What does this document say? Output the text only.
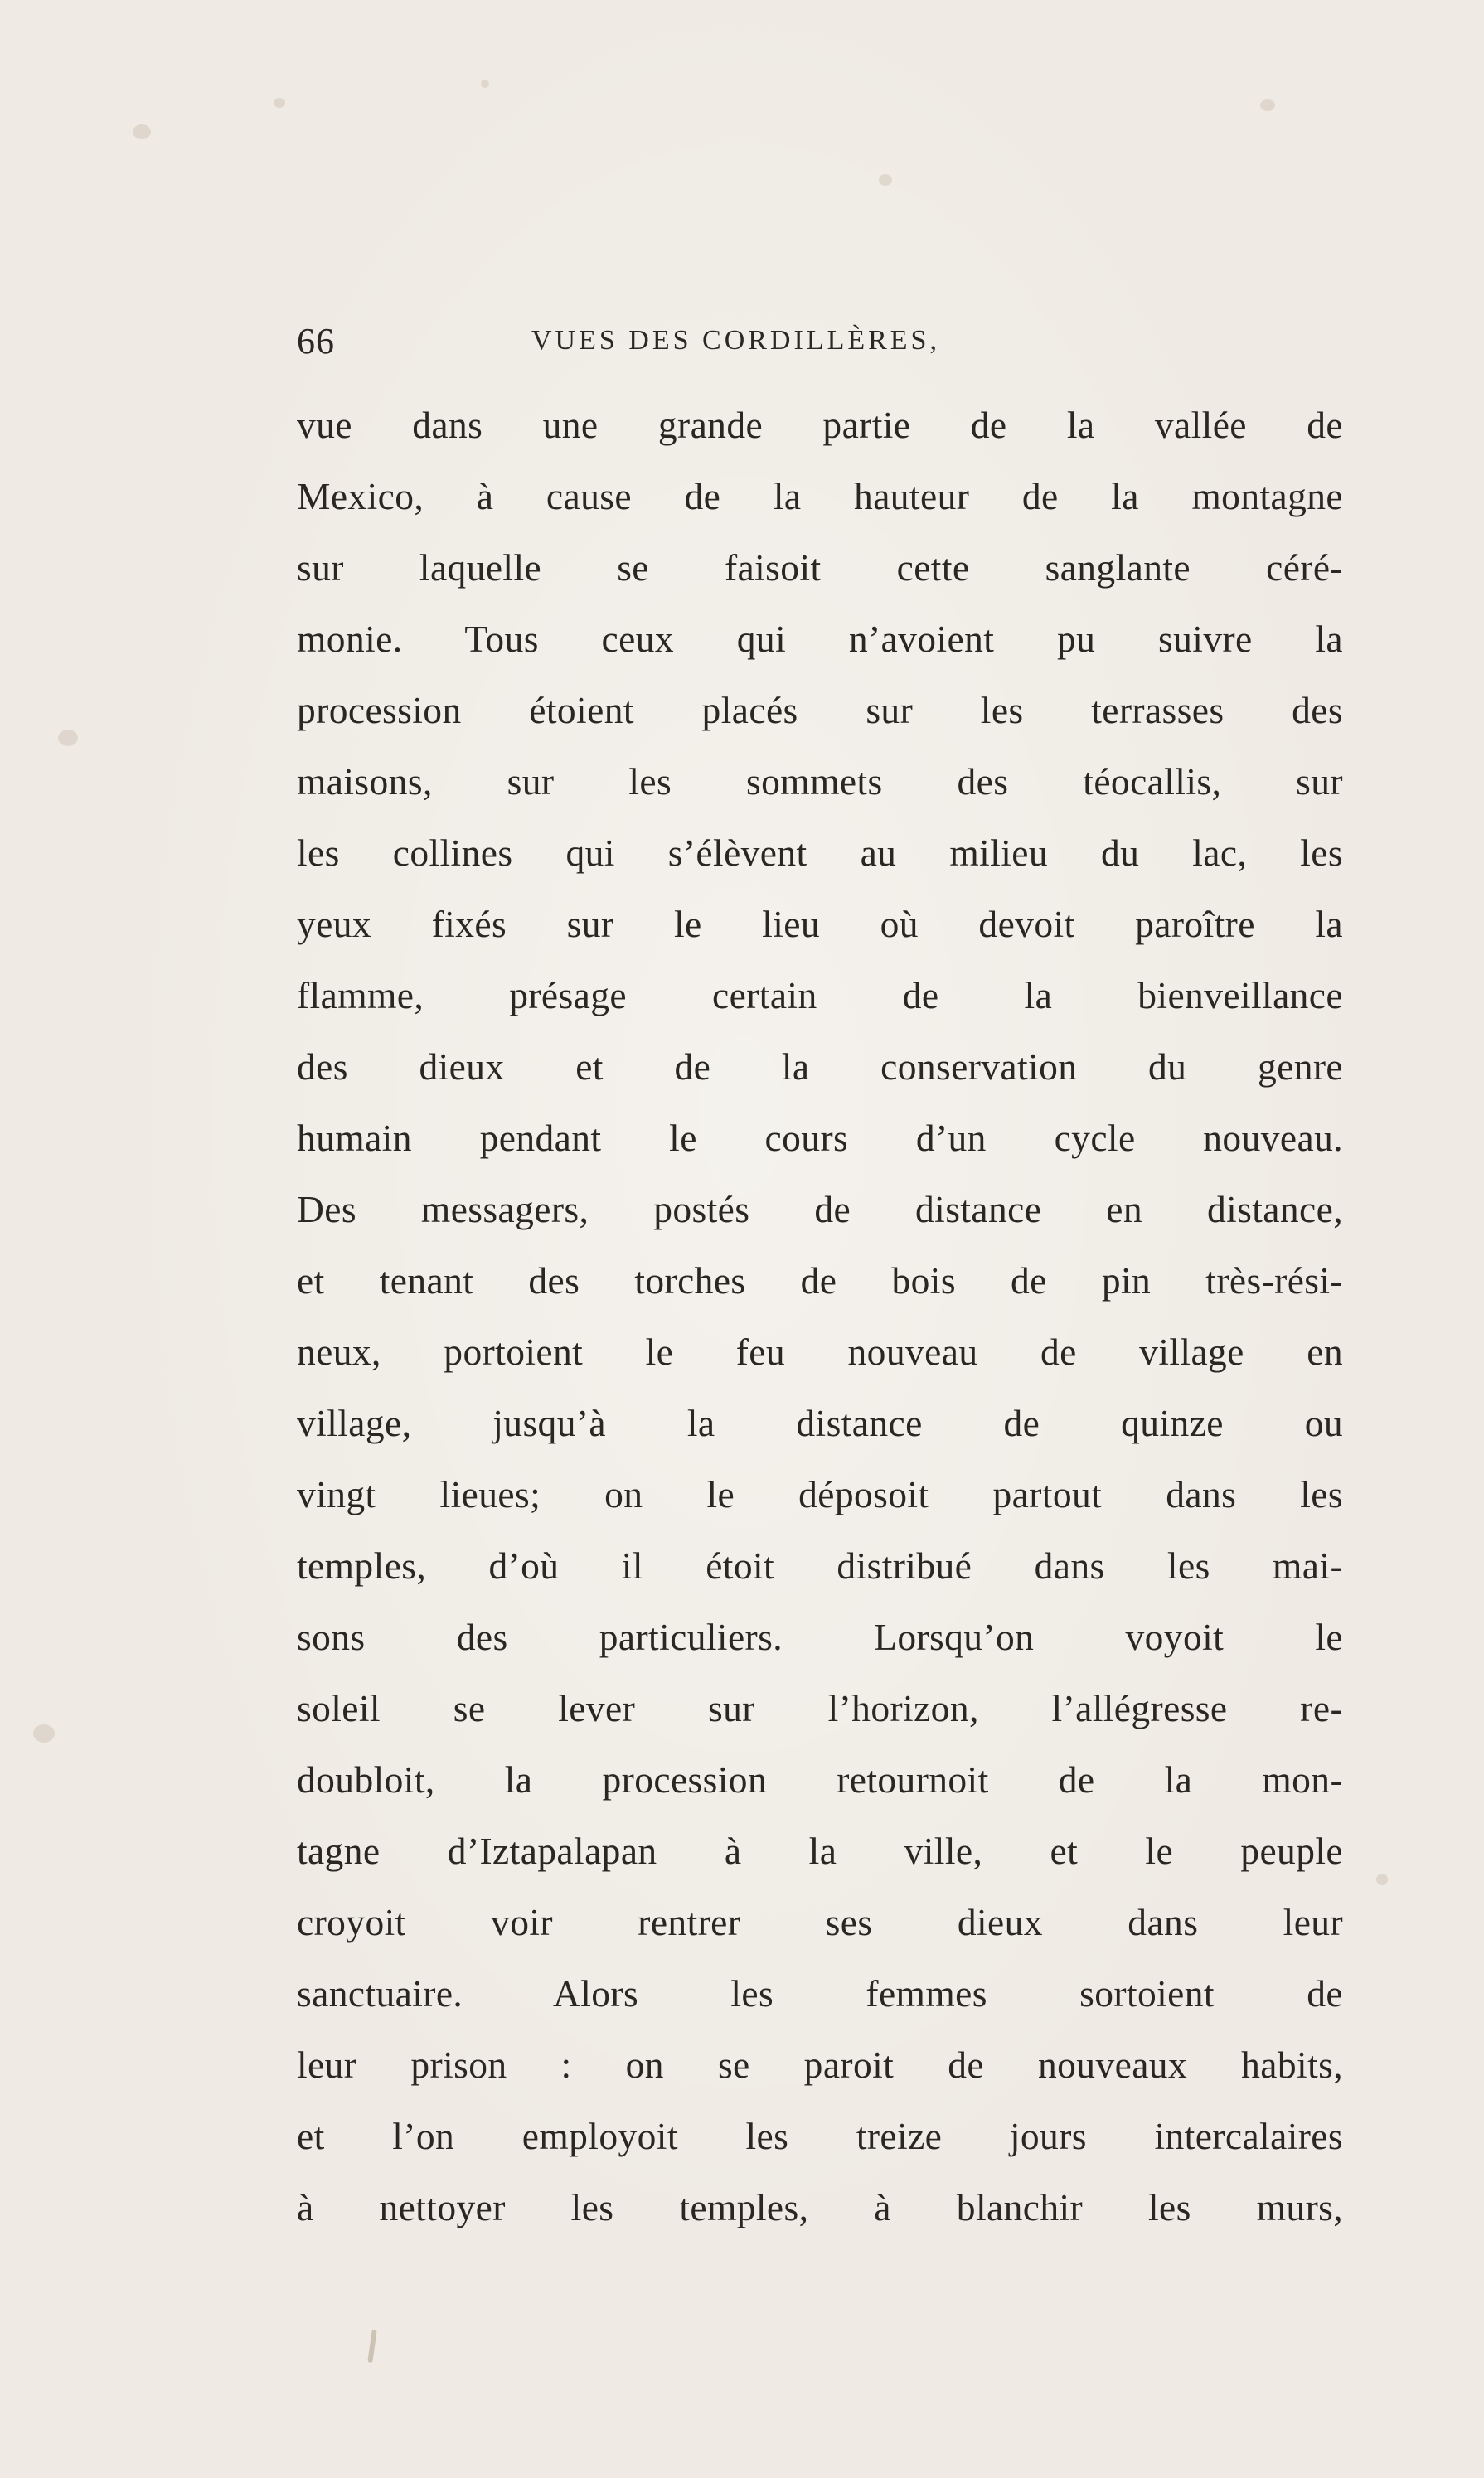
66	VUES DES CORDILLÈRES,
vue dans une grande partie de la vallée de
Mexico, à cause de la hauteur de la montagne
sur laquelle se faisoit cette sanglante céré-
monie. Tous ceux qui n’avoient pu suivre la
procession étoient placés sur les terrasses des
maisons, sur les sommets des téocallis, sur
les collines qui s’élèvent au milieu du lac, les
yeux fixés sur le lieu où devoit paroître la
flamme, présage certain de la bienveillance
des dieux et de la conservation du genre
humain pendant le cours d’un cycle nouveau.
Des messagers, postés de distance en distance,
et tenant des torches de bois de pin très-rési-
neux, portoient le feu nouveau de village en
village, jusqu’à la distance de quinze ou
vingt lieues; on le déposoit partout dans les
temples, d’où il étoit distribué dans les mai-
sons des particuliers. Lorsqu’on voyoit le
soleil se lever sur l’horizon, l’allégresse re-
doubloit, la procession retournoit de la mon-
tagne d’Iztapalapan à la ville, et le peuple
croyoit voir rentrer ses dieux dans leur
sanctuaire. Alors les femmes sortoient de
leur prison : on se paroit de nouveaux habits,
et l’on employoit les treize jours intercalaires
à nettoyer les temples, à blanchir les murs,
